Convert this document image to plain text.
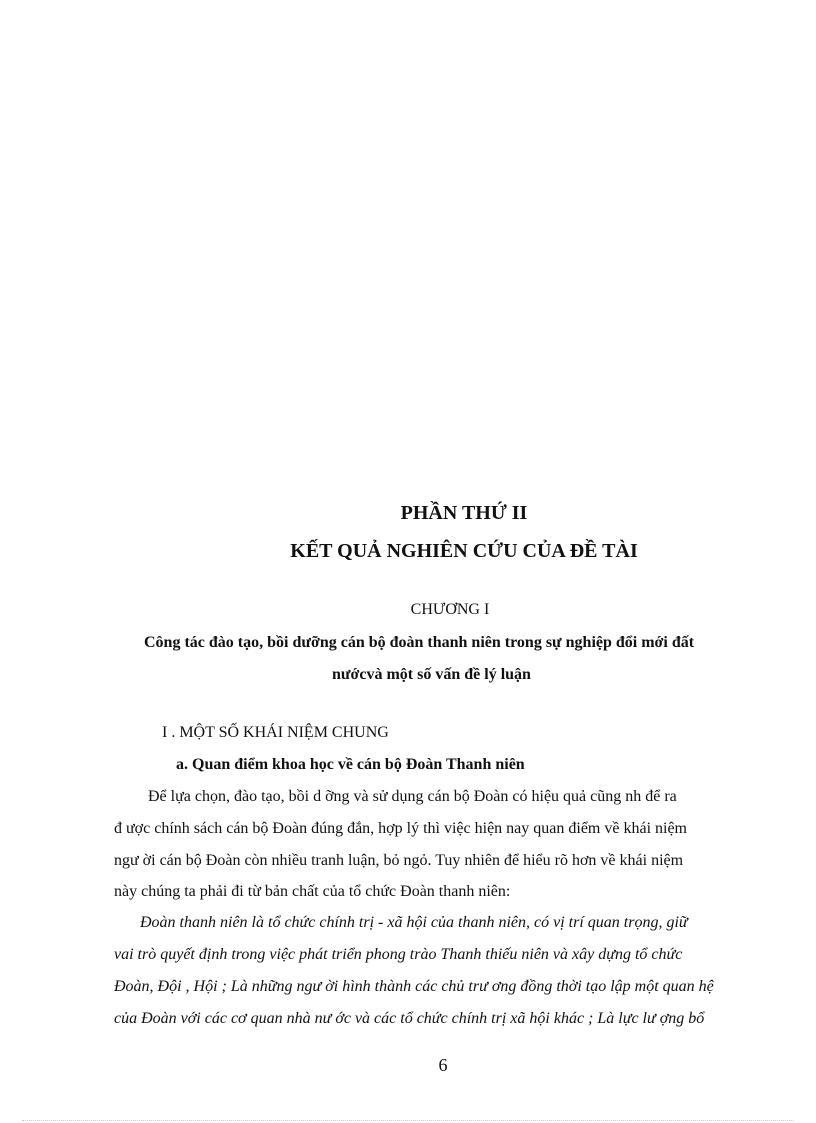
PHẦN THỨ II
KẾT QUẢ NGHIÊN CỨU CỦA ĐỀ TÀI
CHƯƠNG I
Công tác đào tạo, bồi dưỡng cán bộ đoàn thanh niên trong sự nghiệp đổi mới đất
nướcvà một số vấn đề lý luận
I . MỘT SỐ KHÁI NIỆM CHUNG
a. Quan điểm khoa học về cán bộ Đoàn Thanh niên
Để lựa chọn, đào tạo, bồi d ỡng và sử dụng cán bộ Đoàn có hiệu quả cũng nh để ra
đ ược chính sách cán bộ Đoàn đúng đắn, hợp lý thì việc hiện nay quan điểm về khái niệm
ngư ời cán bộ Đoàn còn nhiều tranh luận, bỏ ngỏ. Tuy nhiên để hiểu rõ hơn về khái niệm
này chúng ta phải đi từ bản chất của tổ chức Đoàn thanh niên:
Đoàn thanh niên là tổ chức chính trị - xã hội của thanh niên, có vị trí quan trọng, giữ
vai trò quyết định trong việc phát triển phong trào Thanh thiếu niên và xây dựng tổ chức
Đoàn, Đội , Hội ; Là những ngư ời hình thành các chủ trư ơng đồng thời tạo lập một quan hệ
của Đoàn với các cơ quan nhà nư ớc và các tổ chức chính trị xã hội khác ; Là lực lư ợng bổ
6
